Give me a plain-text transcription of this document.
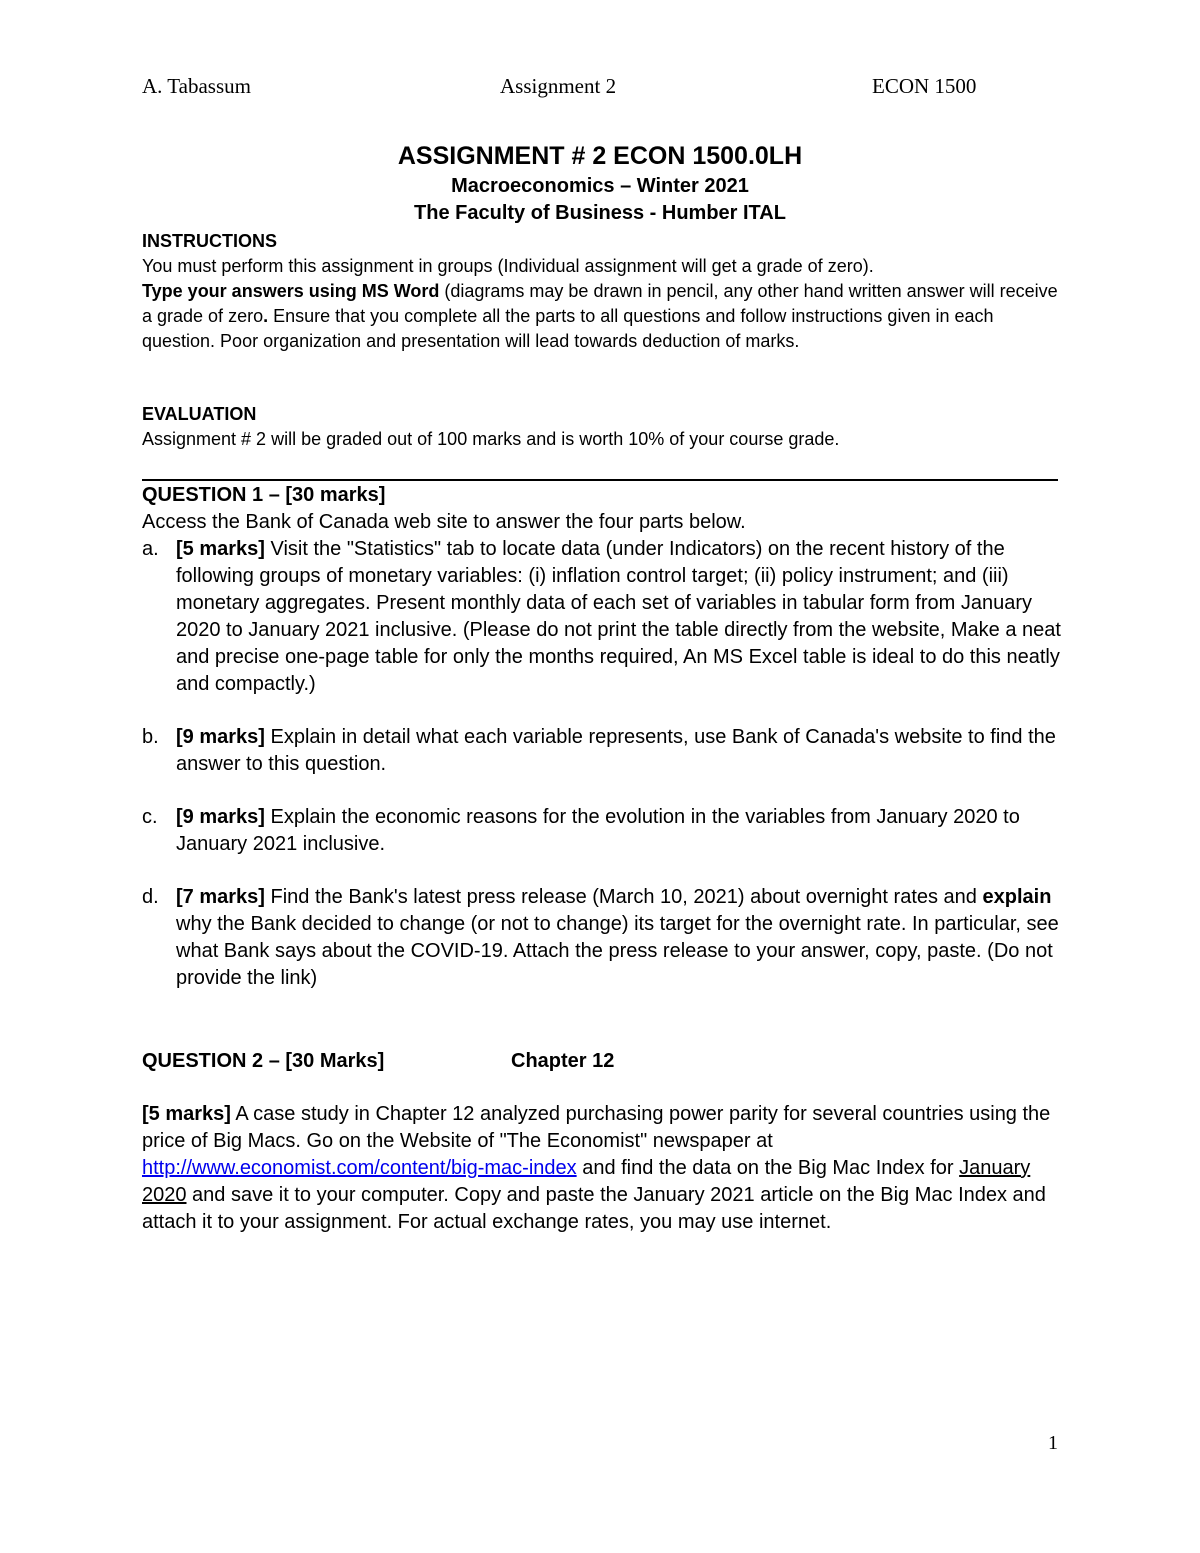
A. Tabassum	Assignment 2	ECON 1500
ASSIGNMENT # 2 ECON 1500.0LH
Macroeconomics – Winter 2021
The Faculty of Business - Humber ITAL

INSTRUCTIONS

You must perform this assignment in groups (Individual assignment will get a grade of zero).

Type your answers using MS Word (diagrams may be drawn in pencil, any other hand written answer will receive a grade of zero. Ensure that you complete all the parts to all questions and follow instructions given in each question. Poor organization and presentation will lead towards deduction of marks.

EVALUATION

Assignment # 2 will be graded out of 100 marks and is worth 10% of your course grade.

QUESTION 1 – [30 marks]

Access the Bank of Canada web site to answer the four parts below.

a. [5 marks] Visit the "Statistics" tab to locate data (under Indicators) on the recent history of the following groups of monetary variables: (i) inflation control target; (ii) policy instrument; and (iii) monetary aggregates. Present monthly data of each set of variables in tabular form from January 2020 to January 2021 inclusive. (Please do not print the table directly from the website, Make a neat and precise one-page table for only the months required, An MS Excel table is ideal to do this neatly and compactly.)
b. [9 marks] Explain in detail what each variable represents, use Bank of Canada's website to find the answer to this question.
c. [9 marks] Explain the economic reasons for the evolution in the variables from January 2020 to January 2021 inclusive.
d. [7 marks] Find the Bank's latest press release (March 10, 2021) about overnight rates and explain why the Bank decided to change (or not to change) its target for the overnight rate. In particular, see what Bank says about the COVID-19. Attach the press release to your answer, copy, paste. (Do not provide the link)
QUESTION 2 – [30 Marks]	Chapter 12

[5 marks] A case study in Chapter 12 analyzed purchasing power parity for several countries using the price of Big Macs. Go on the Website of "The Economist" newspaper at http://www.economist.com/content/big-mac-index and find the data on the Big Mac Index for January 2020 and save it to your computer. Copy and paste the January 2021 article on the Big Mac Index and attach it to your assignment. For actual exchange rates, you may use internet.

1
